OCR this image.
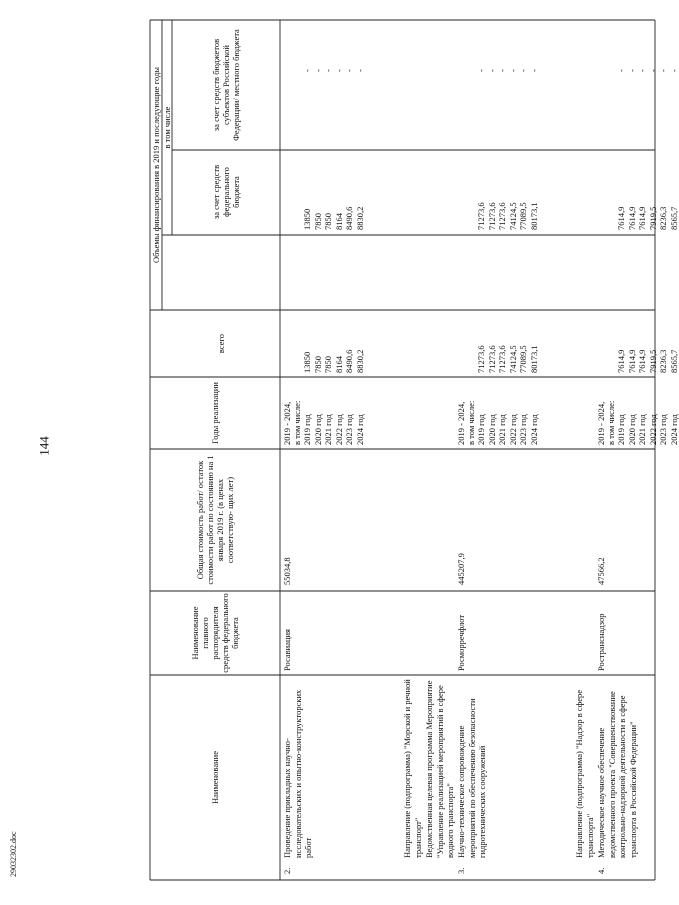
144
29032302.doc
Наименование
Наименование главного распорядителя средств федерального бюджета
Общая стоимость работ/ остаток стоимости работ по состоянию на 1 января 2019 г. (в ценах соответствую- щих лет)
Годы реализации
Объемы финансирования в 2019 и последующие годы
всего
в том числе
за счет средств федерального бюджета
за счет средств бюджетов субъектов Российской Федерации/ местного бюджета
2.
Проведение прикладных научно-исследовательских и опытно-конструкторских работ
Росавиация
55034,8
2019 - 2024, в том числе: 2019 год 2020 год 2021 год 2022 год 2023 год 2024 год
13850 7850 7850 8164 8490,6 8830,2
13850 7850 7850 8164 8490,6 8830,2
- - - - - -
Направление (подпрограмма) "Морской и речной транспорт" Ведомственная целевая программа Мероприятие "Управление реализацией мероприятий в сфере водного транспорта"
3.
Научно-техническое сопровождение мероприятий по обеспечению безопасности гидротехнических сооружений
Росморречфлот
445207,9
2019 - 2024, в том числе: 2019 год 2020 год 2021 год 2022 год 2023 год 2024 год
71273,6 71273,6 71273,6 74124,5 77089,5 80173,1
71273,6 71273,6 71273,6 74124,5 77089,5 80173,1
- - - - - -
Направление (подпрограмма) "Надзор в сфере транспорта"
4.
Методическое научное обеспечение ведомственного проекта "Совершенствование контрольно-надзорной деятельности в сфере транспорта в Российской Федерации"
Ространснадзор
47566,2
2019 - 2024, в том числе: 2019 год 2020 год 2021 год 2022 год 2023 год 2024 год
7614,9 7614,9 7614,9 7919,5 8236,3 8565,7
7614,9 7614,9 7614,9 7919,5 8236,3 8565,7
- - - - - -
